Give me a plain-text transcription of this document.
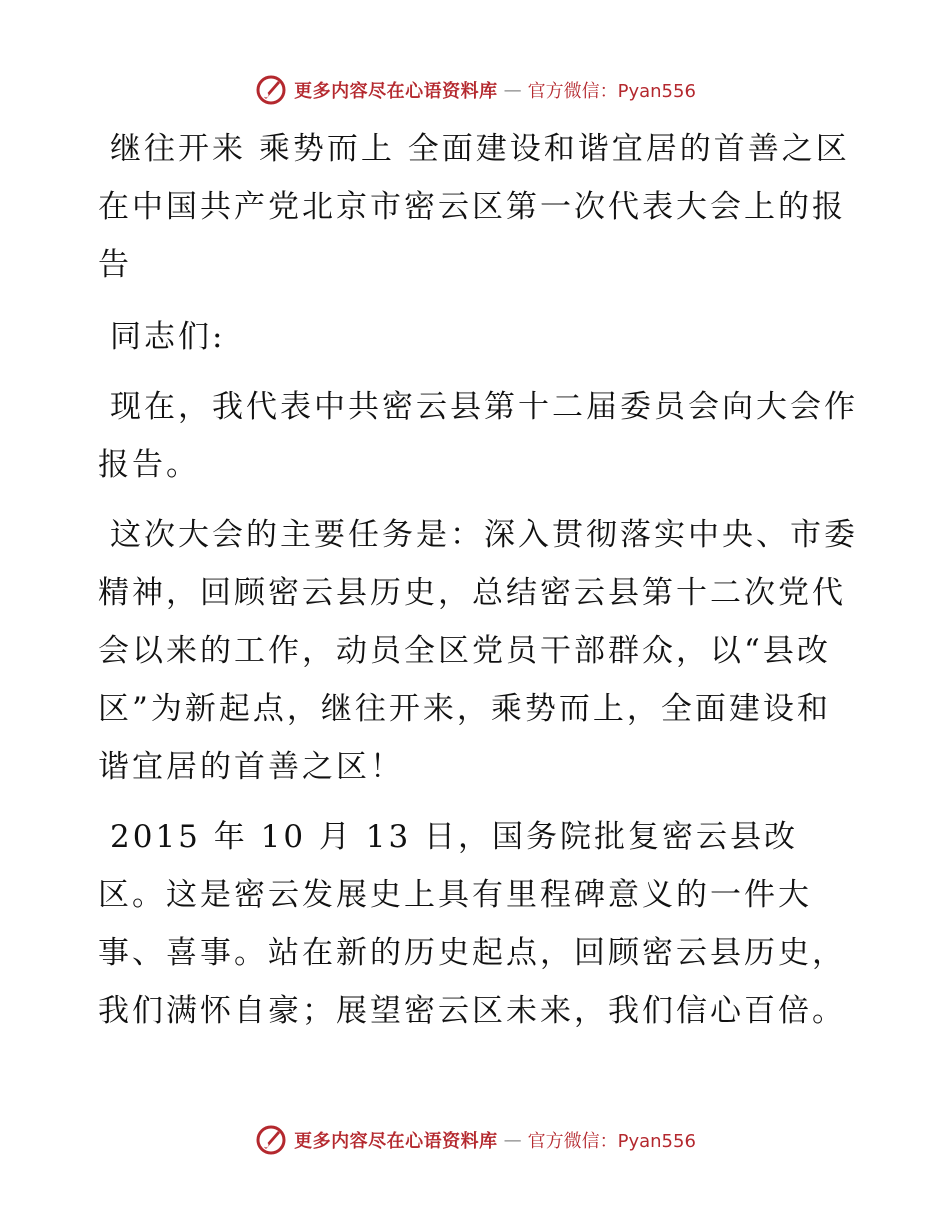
更多内容尽在心语资料库 — 官方微信：Pyan556

继往开来 乘势而上 全面建设和谐宜居的首善之区 在中国共产党北京市密云区第一次代表大会上的报告

同志们:

现在，我代表中共密云县第十二届委员会向大会作报告。

这次大会的主要任务是：深入贯彻落实中央、市委精神，回顾密云县历史，总结密云县第十二次党代会以来的工作，动员全区党员干部群众，以“县改区”为新起点，继往开来，乘势而上，全面建设和谐宜居的首善之区！

2015 年 10 月 13 日，国务院批复密云县改区。这是密云发展史上具有里程碑意义的一件大事、喜事。站在新的历史起点，回顾密云县历史，我们满怀自豪；展望密云区未来，我们信心百倍。

更多内容尽在心语资料库 — 官方微信：Pyan556
